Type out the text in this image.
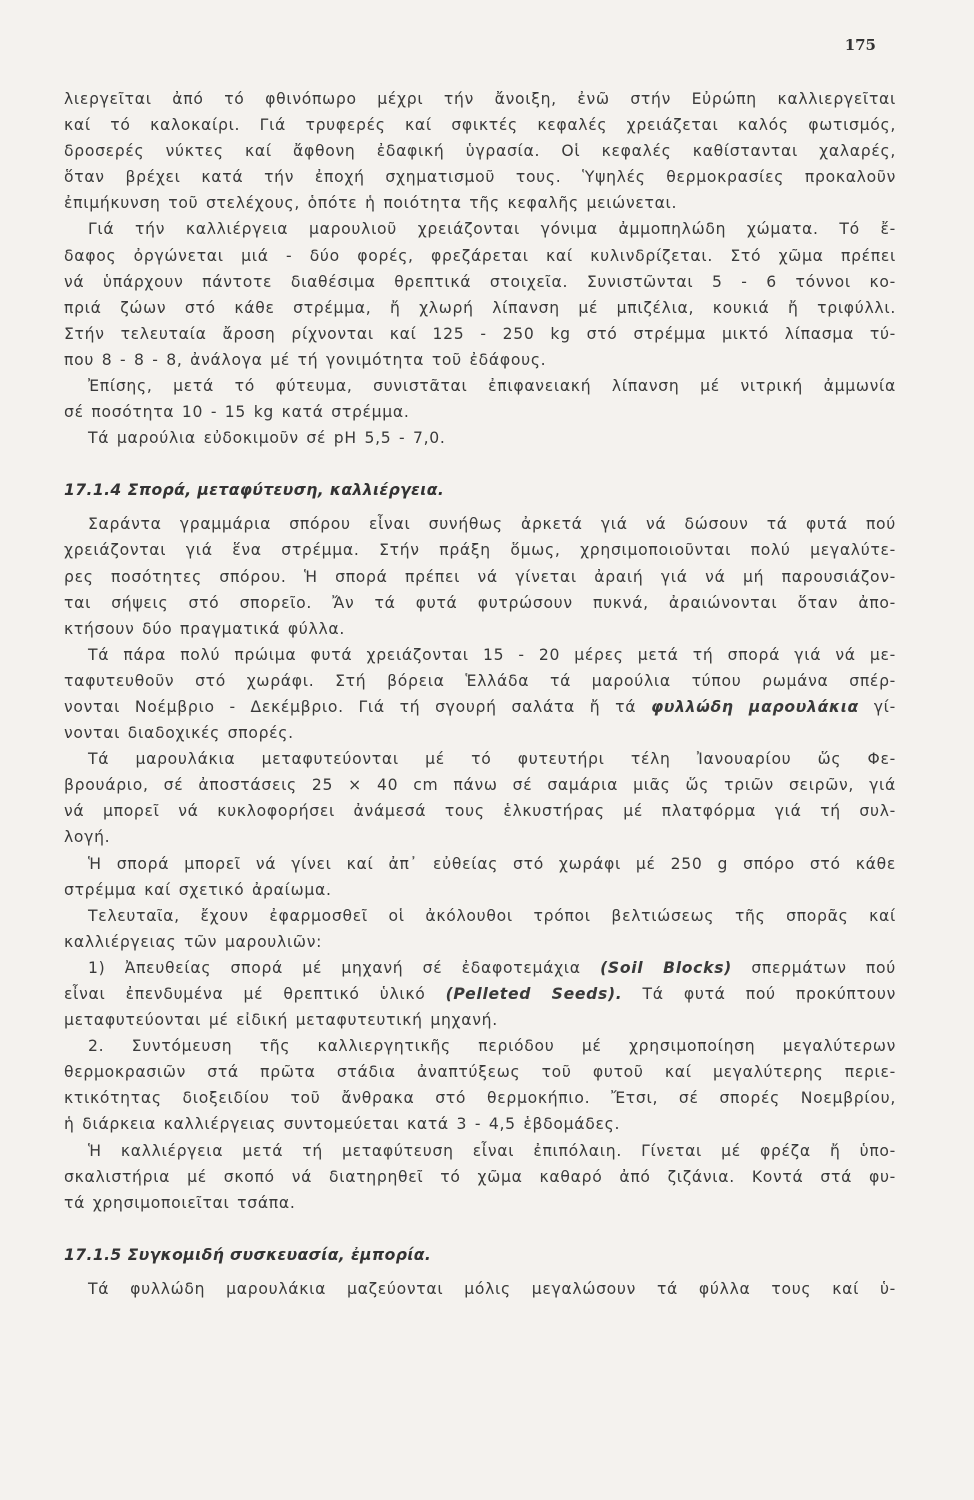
175
λιεργεῖται ἀπό τό φθινόπωρο μέχρι τήν ἄνοιξη, ἐνῶ στήν Εὐρώπη καλλιεργεῖται
καί τό καλοκαίρι. Γιά τρυφερές καί σφικτές κεφαλές χρειάζεται καλός φωτισμός,
δροσερές νύκτες καί ἄφθονη ἐδαφική ὑγρασία. Οἱ κεφαλές καθίστανται χαλαρές,
ὅταν βρέχει κατά τήν ἐποχή σχηματισμοῦ τους. Ὑψηλές θερμοκρασίες προκαλοῦν
ἐπιμήκυνση τοῦ στελέχους, ὁπότε ἡ ποιότητα τῆς κεφαλῆς μειώνεται.
Γιά τήν καλλιέργεια μαρουλιοῦ χρειάζονται γόνιμα ἀμμοπηλώδη χώματα. Τό ἔ-
δαφος ὀργώνεται μιά - δύο φορές, φρεζάρεται καί κυλινδρίζεται. Στό χῶμα πρέπει
νά ὑπάρχουν πάντοτε διαθέσιμα θρεπτικά στοιχεῖα. Συνιστῶνται 5 - 6 τόννοι κο-
πριά ζώων στό κάθε στρέμμα, ἤ χλωρή λίπανση μέ μπιζέλια, κουκιά ἤ τριφύλλι.
Στήν τελευταία ἄροση ρίχνονται καί 125 - 250 kg στό στρέμμα μικτό λίπασμα τύ-
που 8 - 8 - 8, ἀνάλογα μέ τή γονιμότητα τοῦ ἐδάφους.
Ἐπίσης, μετά τό φύτευμα, συνιστᾶται ἐπιφανειακή λίπανση μέ νιτρική ἀμμωνία
σέ ποσότητα 10 - 15 kg κατά στρέμμα.
Τά μαρούλια εὐδοκιμοῦν σέ pH 5,5 - 7,0.
17.1.4 Σπορά, μεταφύτευση, καλλιέργεια.
Σαράντα γραμμάρια σπόρου εἶναι συνήθως ἀρκετά γιά νά δώσουν τά φυτά πού
χρειάζονται γιά ἕνα στρέμμα. Στήν πράξη ὅμως, χρησιμοποιοῦνται πολύ μεγαλύτε-
ρες ποσότητες σπόρου. Ἡ σπορά πρέπει νά γίνεται ἀραιή γιά νά μή παρουσιάζον-
ται σήψεις στό σπορεῖο. Ἄν τά φυτά φυτρώσουν πυκνά, ἀραιώνονται ὅταν ἀπο-
κτήσουν δύο πραγματικά φύλλα.
Τά πάρα πολύ πρώιμα φυτά χρειάζονται 15 - 20 μέρες μετά τή σπορά γιά νά με-
ταφυτευθοῦν στό χωράφι. Στή βόρεια Ἑλλάδα τά μαρούλια τύπου ρωμάνα σπέρ-
νονται Νοέμβριο - Δεκέμβριο. Γιά τή σγουρή σαλάτα ἤ τά φυλλώδη μαρουλάκια γί-
νονται διαδοχικές σπορές.
Τά μαρουλάκια μεταφυτεύονται μέ τό φυτευτήρι τέλη Ἰανουαρίου ὥς Φε-
βρουάριο, σέ ἀποστάσεις 25 × 40 cm πάνω σέ σαμάρια μιᾶς ὥς τριῶν σειρῶν, γιά
νά μπορεῖ νά κυκλοφορήσει ἀνάμεσά τους ἑλκυστήρας μέ πλατφόρμα γιά τή συλ-
λογή.
Ἡ σπορά μπορεῖ νά γίνει καί ἀπ᾽ εὐθείας στό χωράφι μέ 250 g σπόρο στό κάθε
στρέμμα καί σχετικό ἀραίωμα.
Τελευταῖα, ἔχουν ἐφαρμοσθεῖ οἱ ἀκόλουθοι τρόποι βελτιώσεως τῆς σπορᾶς καί
καλλιέργειας τῶν μαρουλιῶν:
1) Ἀπευθείας σπορά μέ μηχανή σέ ἐδαφοτεμάχια (Soil Blocks) σπερμάτων πού
εἶναι ἐπενδυμένα μέ θρεπτικό ὑλικό (Pelleted Seeds). Τά φυτά πού προκύπτουν
μεταφυτεύονται μέ εἰδική μεταφυτευτική μηχανή.
2. Συντόμευση τῆς καλλιεργητικῆς περιόδου μέ χρησιμοποίηση μεγαλύτερων
θερμοκρασιῶν στά πρῶτα στάδια ἀναπτύξεως τοῦ φυτοῦ καί μεγαλύτερης περιε-
κτικότητας διοξειδίου τοῦ ἄνθρακα στό θερμοκήπιο. Ἔτσι, σέ σπορές Νοεμβρίου,
ἡ διάρκεια καλλιέργειας συντομεύεται κατά 3 - 4,5 ἑβδομάδες.
Ἡ καλλιέργεια μετά τή μεταφύτευση εἶναι ἐπιπόλαιη. Γίνεται μέ φρέζα ἤ ὑπο-
σκαλιστήρια μέ σκοπό νά διατηρηθεῖ τό χῶμα καθαρό ἀπό ζιζάνια. Κοντά στά φυ-
τά χρησιμοποιεῖται τσάπα.
17.1.5 Συγκομιδή συσκευασία, ἐμπορία.
Τά φυλλώδη μαρουλάκια μαζεύονται μόλις μεγαλώσουν τά φύλλα τους καί ὑ-
